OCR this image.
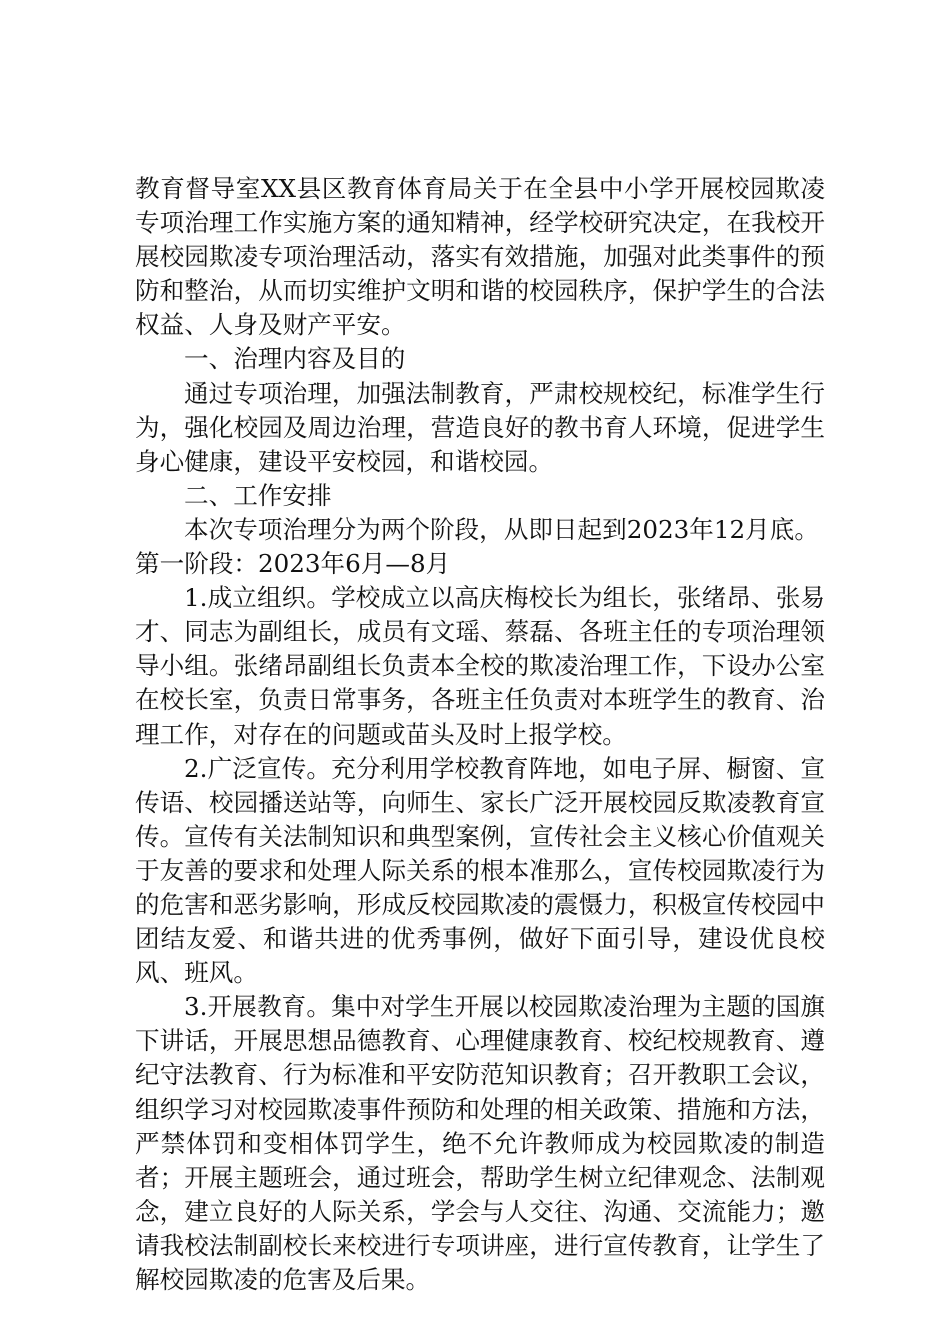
教育督导室XX县区教育体育局关于在全县中小学开展校园欺凌专项治理工作实施方案的通知精神，经学校研究决定，在我校开展校园欺凌专项治理活动，落实有效措施，加强对此类事件的预防和整治，从而切实维护文明和谐的校园秩序，保护学生的合法权益、人身及财产平安。

一、治理内容及目的

通过专项治理，加强法制教育，严肃校规校纪，标准学生行为，强化校园及周边治理，营造良好的教书育人环境，促进学生身心健康，建设平安校园，和谐校园。

二、工作安排

本次专项治理分为两个阶段，从即日起到2023年12月底。

第一阶段：2023年6月—8月

1.成立组织。学校成立以高庆梅校长为组长，张绪昂、张易才、同志为副组长，成员有文瑶、蔡磊、各班主任的专项治理领导小组。张绪昂副组长负责本全校的欺凌治理工作，下设办公室在校长室，负责日常事务，各班主任负责对本班学生的教育、治理工作，对存在的问题或苗头及时上报学校。

2.广泛宣传。充分利用学校教育阵地，如电子屏、橱窗、宣传语、校园播送站等，向师生、家长广泛开展校园反欺凌教育宣传。宣传有关法制知识和典型案例，宣传社会主义核心价值观关于友善的要求和处理人际关系的根本准那么，宣传校园欺凌行为的危害和恶劣影响，形成反校园欺凌的震慑力，积极宣传校园中团结友爱、和谐共进的优秀事例，做好下面引导，建设优良校风、班风。

3.开展教育。集中对学生开展以校园欺凌治理为主题的国旗下讲话，开展思想品德教育、心理健康教育、校纪校规教育、遵纪守法教育、行为标准和平安防范知识教育；召开教职工会议，组织学习对校园欺凌事件预防和处理的相关政策、措施和方法，严禁体罚和变相体罚学生，绝不允许教师成为校园欺凌的制造者；开展主题班会，通过班会，帮助学生树立纪律观念、法制观念，建立良好的人际关系，学会与人交往、沟通、交流能力；邀请我校法制副校长来校进行专项讲座，进行宣传教育，让学生了解校园欺凌的危害及后果。
